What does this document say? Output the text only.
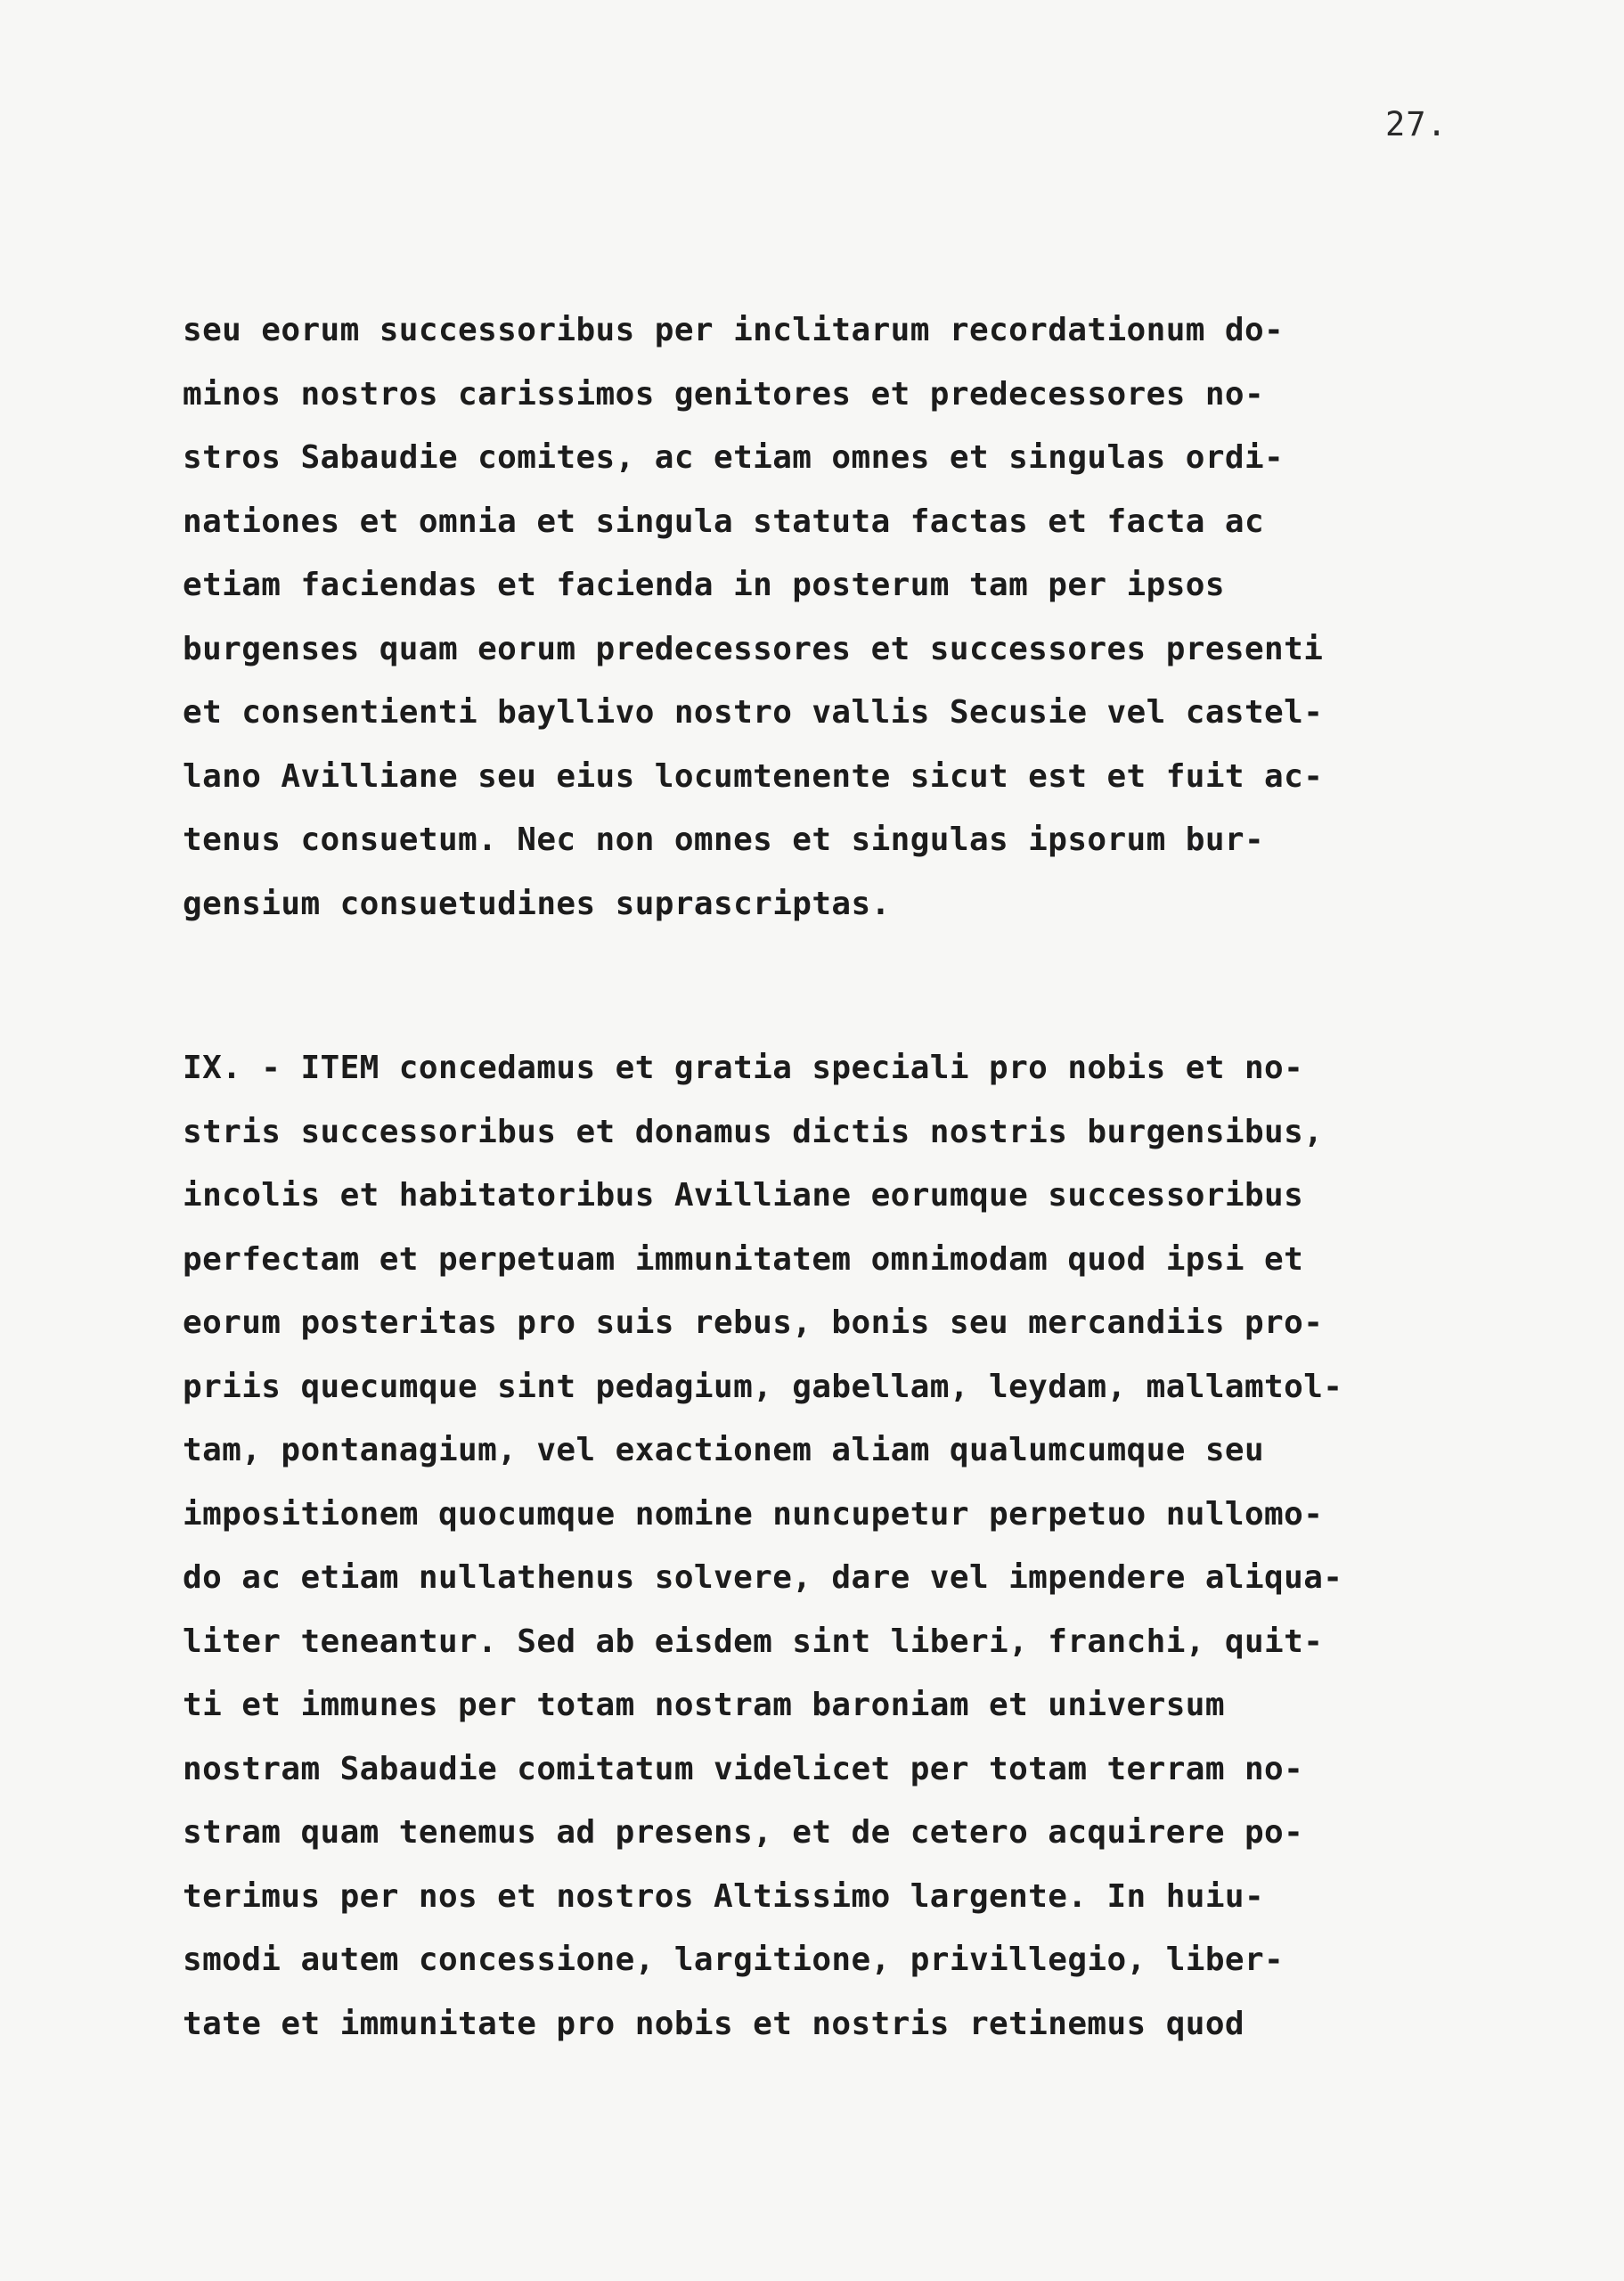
27.
seu eorum successoribus per inclitarum recordationum do-
minos nostros carissimos genitores et predecessores no-
stros Sabaudie comites, ac etiam omnes et singulas ordi-
nationes et omnia et singula statuta factas et facta ac
etiam faciendas et facienda in posterum tam per ipsos
burgenses quam eorum predecessores et successores presenti
et consentienti bayllivo nostro vallis Secusie vel castel-
lano Avilliane seu eius locumtenente sicut est et fuit ac-
tenus consuetum. Nec non omnes et singulas ipsorum bur-
gensium consuetudines suprascriptas.
IX. - ITEM concedamus et gratia speciali pro nobis et no-
stris successoribus et donamus dictis nostris burgensibus,
incolis et habitatoribus Avilliane eorumque successoribus
perfectam et perpetuam immunitatem omnimodam quod ipsi et
eorum posteritas pro suis rebus, bonis seu mercandiis pro-
priis quecumque sint pedagium, gabellam, leydam, mallamtol-
tam, pontanagium, vel exactionem aliam qualumcumque seu
impositionem quocumque nomine nuncupetur perpetuo nullomo-
do ac etiam nullathenus solvere, dare vel impendere aliqua-
liter teneantur. Sed ab eisdem sint liberi, franchi, quit-
ti et immunes per totam nostram baroniam et universum
nostram Sabaudie comitatum videlicet per totam terram no-
stram quam tenemus ad presens, et de cetero acquirere po-
terimus per nos et nostros Altissimo largente. In huiu-
smodi autem concessione, largitione, privillegio, liber-
tate et immunitate pro nobis et nostris retinemus quod
